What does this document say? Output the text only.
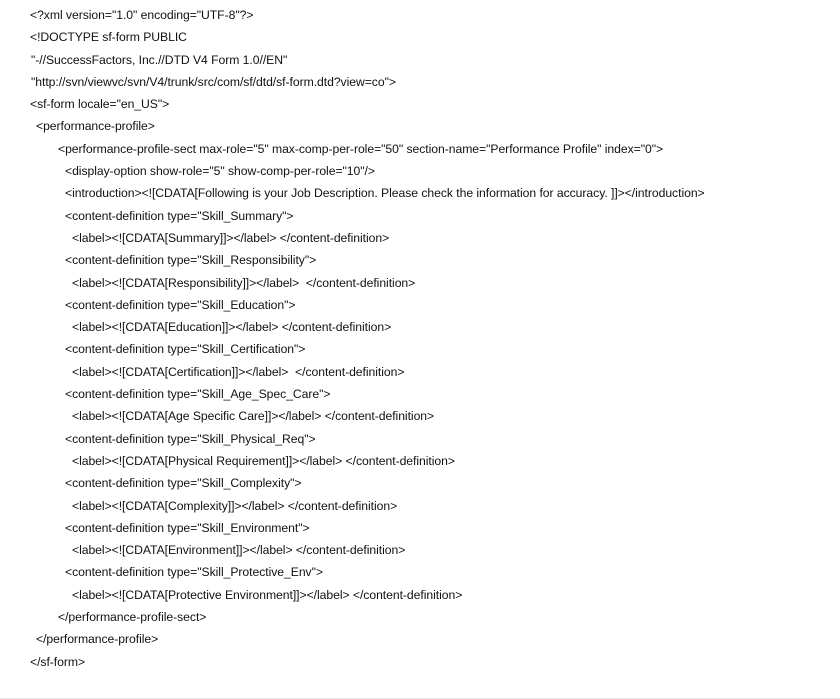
<?xml version="1.0" encoding="UTF-8"?>
<!DOCTYPE sf-form PUBLIC
"-//SuccessFactors, Inc.//DTD V4 Form 1.0//EN"
"http://svn/viewvc/svn/V4/trunk/src/com/sf/dtd/sf-form.dtd?view=co">
<sf-form locale="en_US">
<performance-profile>
<performance-profile-sect max-role="5" max-comp-per-role="50" section-name="Performance Profile" index="0">
<display-option show-role="5" show-comp-per-role="10"/>
<introduction><![CDATA[Following is your Job Description. Please check the information for accuracy. ]]></introduction>
<content-definition type="Skill_Summary">
<label><![CDATA[Summary]]></label> </content-definition>
<content-definition type="Skill_Responsibility">
<label><![CDATA[Responsibility]]></label>  </content-definition>
<content-definition type="Skill_Education">
<label><![CDATA[Education]]></label> </content-definition>
<content-definition type="Skill_Certification">
<label><![CDATA[Certification]]></label>  </content-definition>
<content-definition type="Skill_Age_Spec_Care">
<label><![CDATA[Age Specific Care]]></label> </content-definition>
<content-definition type="Skill_Physical_Req">
<label><![CDATA[Physical Requirement]]></label> </content-definition>
<content-definition type="Skill_Complexity">
<label><![CDATA[Complexity]]></label> </content-definition>
<content-definition type="Skill_Environment">
<label><![CDATA[Environment]]></label> </content-definition>
<content-definition type="Skill_Protective_Env">
<label><![CDATA[Protective Environment]]></label> </content-definition>
</performance-profile-sect>
</performance-profile>
</sf-form>
